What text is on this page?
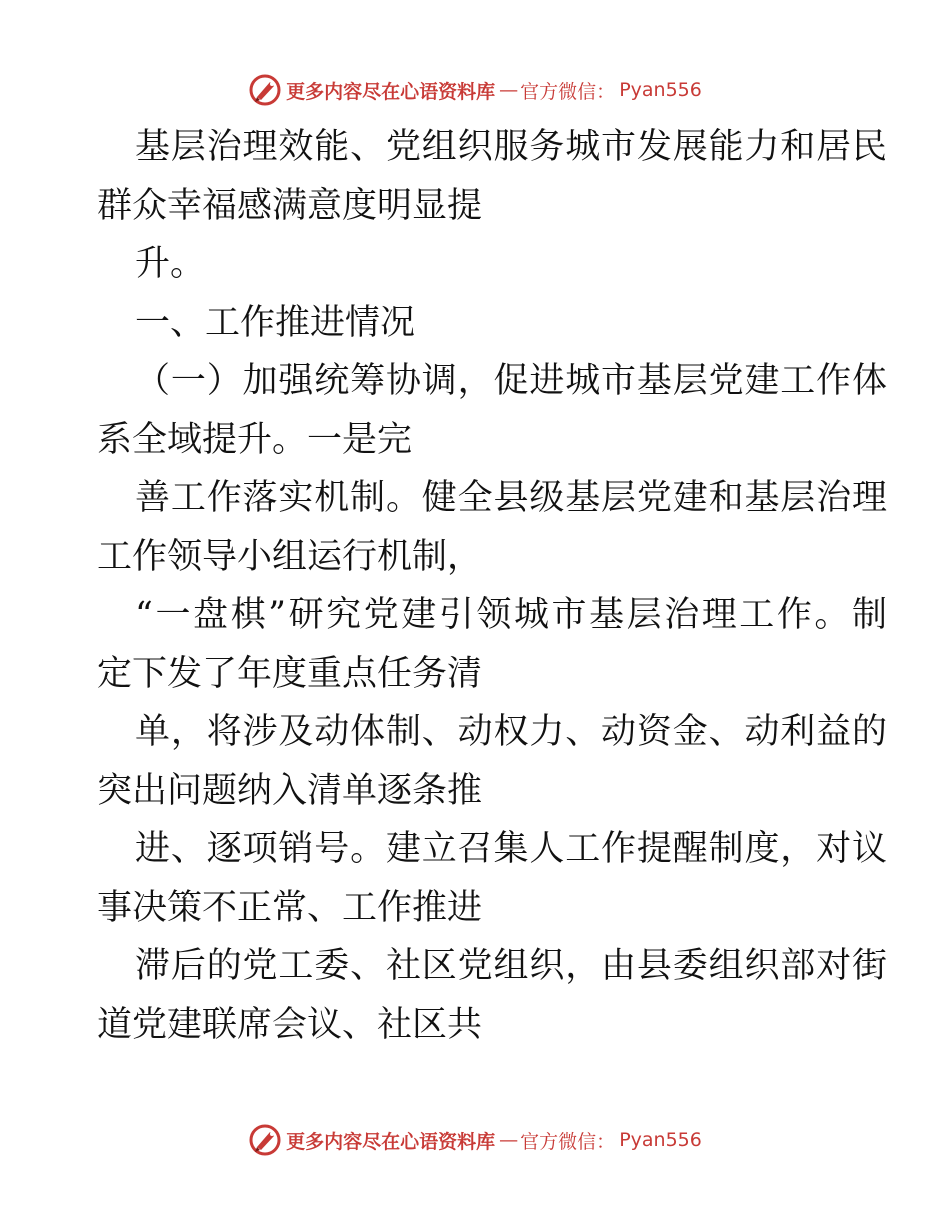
更多内容尽在心语资料库 — 官方微信： Pyan556
基层治理效能、党组织服务城市发展能力和居民
群众幸福感满意度明显提
升。
一、工作推进情况
（一）加强统筹协调，促进城市基层党建工作体
系全域提升。一是完
善工作落实机制。健全县级基层党建和基层治理
工作领导小组运行机制，
“一盘棋”研究党建引领城市基层治理工作。制
定下发了年度重点任务清
单，将涉及动体制、动权力、动资金、动利益的
突出问题纳入清单逐条推
进、逐项销号。建立召集人工作提醒制度，对议
事决策不正常、工作推进
滞后的党工委、社区党组织，由县委组织部对街
道党建联席会议、社区共
更多内容尽在心语资料库 — 官方微信： Pyan556
